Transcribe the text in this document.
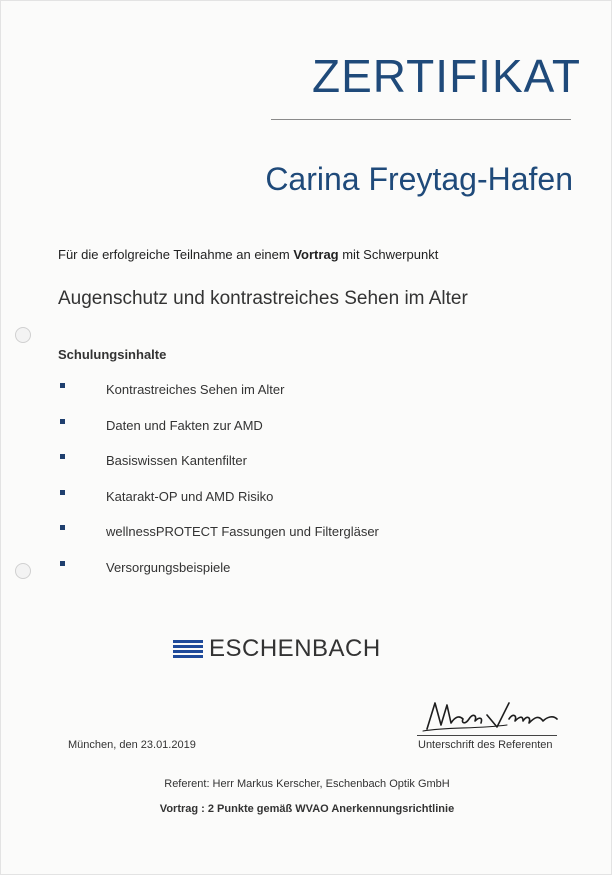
ZERTIFIKAT
Carina Freytag-Hafen
Für die erfolgreiche Teilnahme an einem Vortrag mit Schwerpunkt
Augenschutz und kontrastreiches Sehen im Alter
Schulungsinhalte
Kontrastreiches Sehen im Alter
Daten und Fakten zur AMD
Basiswissen Kantenfilter
Katarakt-OP und AMD Risiko
wellnessPROTECT Fassungen und Filtergläser
Versorgungsbeispiele
ESCHENBACH
Unterschrift des Referenten
München, den 23.01.2019
Referent: Herr Markus Kerscher, Eschenbach Optik GmbH
Vortrag : 2 Punkte gemäß WVAO Anerkennungsrichtlinie
